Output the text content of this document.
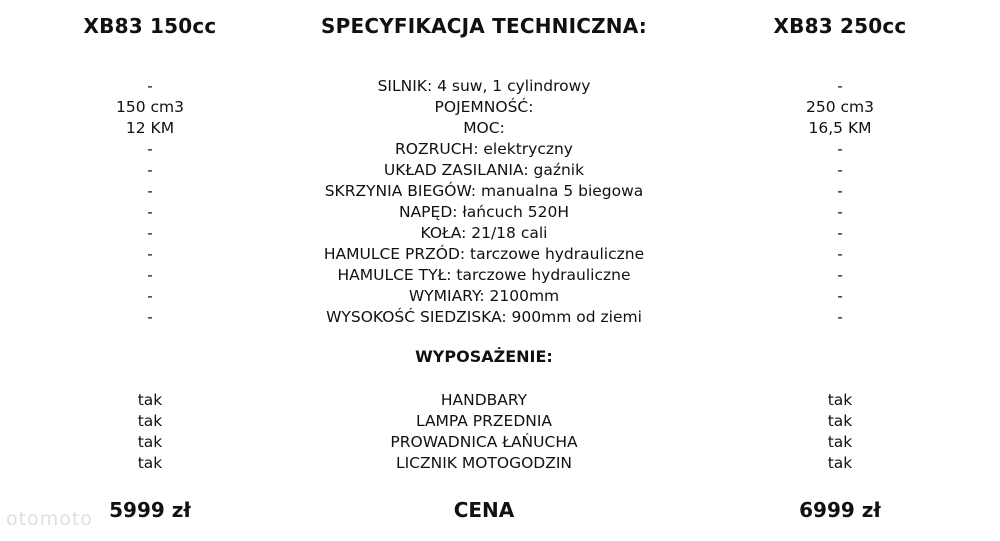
XB83 150cc
-
150 cm3
12 KM
-
-
-
-
-
-
-
-
-
tak
tak
tak
tak
5999 zł
SPECYFIKACJA TECHNICZNA:
SILNIK: 4 suw, 1 cylindrowy
POJEMNOŚĆ:
MOC:
ROZRUCH: elektryczny
UKŁAD ZASILANIA: gaźnik
SKRZYNIA BIEGÓW: manualna 5 biegowa
NAPĘD: łańcuch 520H
KOŁA: 21/18 cali
HAMULCE PRZÓD: tarczowe hydrauliczne
HAMULCE TYŁ: tarczowe hydrauliczne
WYMIARY: 2100mm
WYSOKOŚĆ SIEDZISKA: 900mm od ziemi
WYPOSAŻENIE:
HANDBARY
LAMPA PRZEDNIA
PROWADNICA ŁAŃUCHA
LICZNIK MOTOGODZIN
CENA
XB83 250cc
-
250 cm3
16,5 KM
-
-
-
-
-
-
-
-
-
tak
tak
tak
tak
6999 zł
otomoto
